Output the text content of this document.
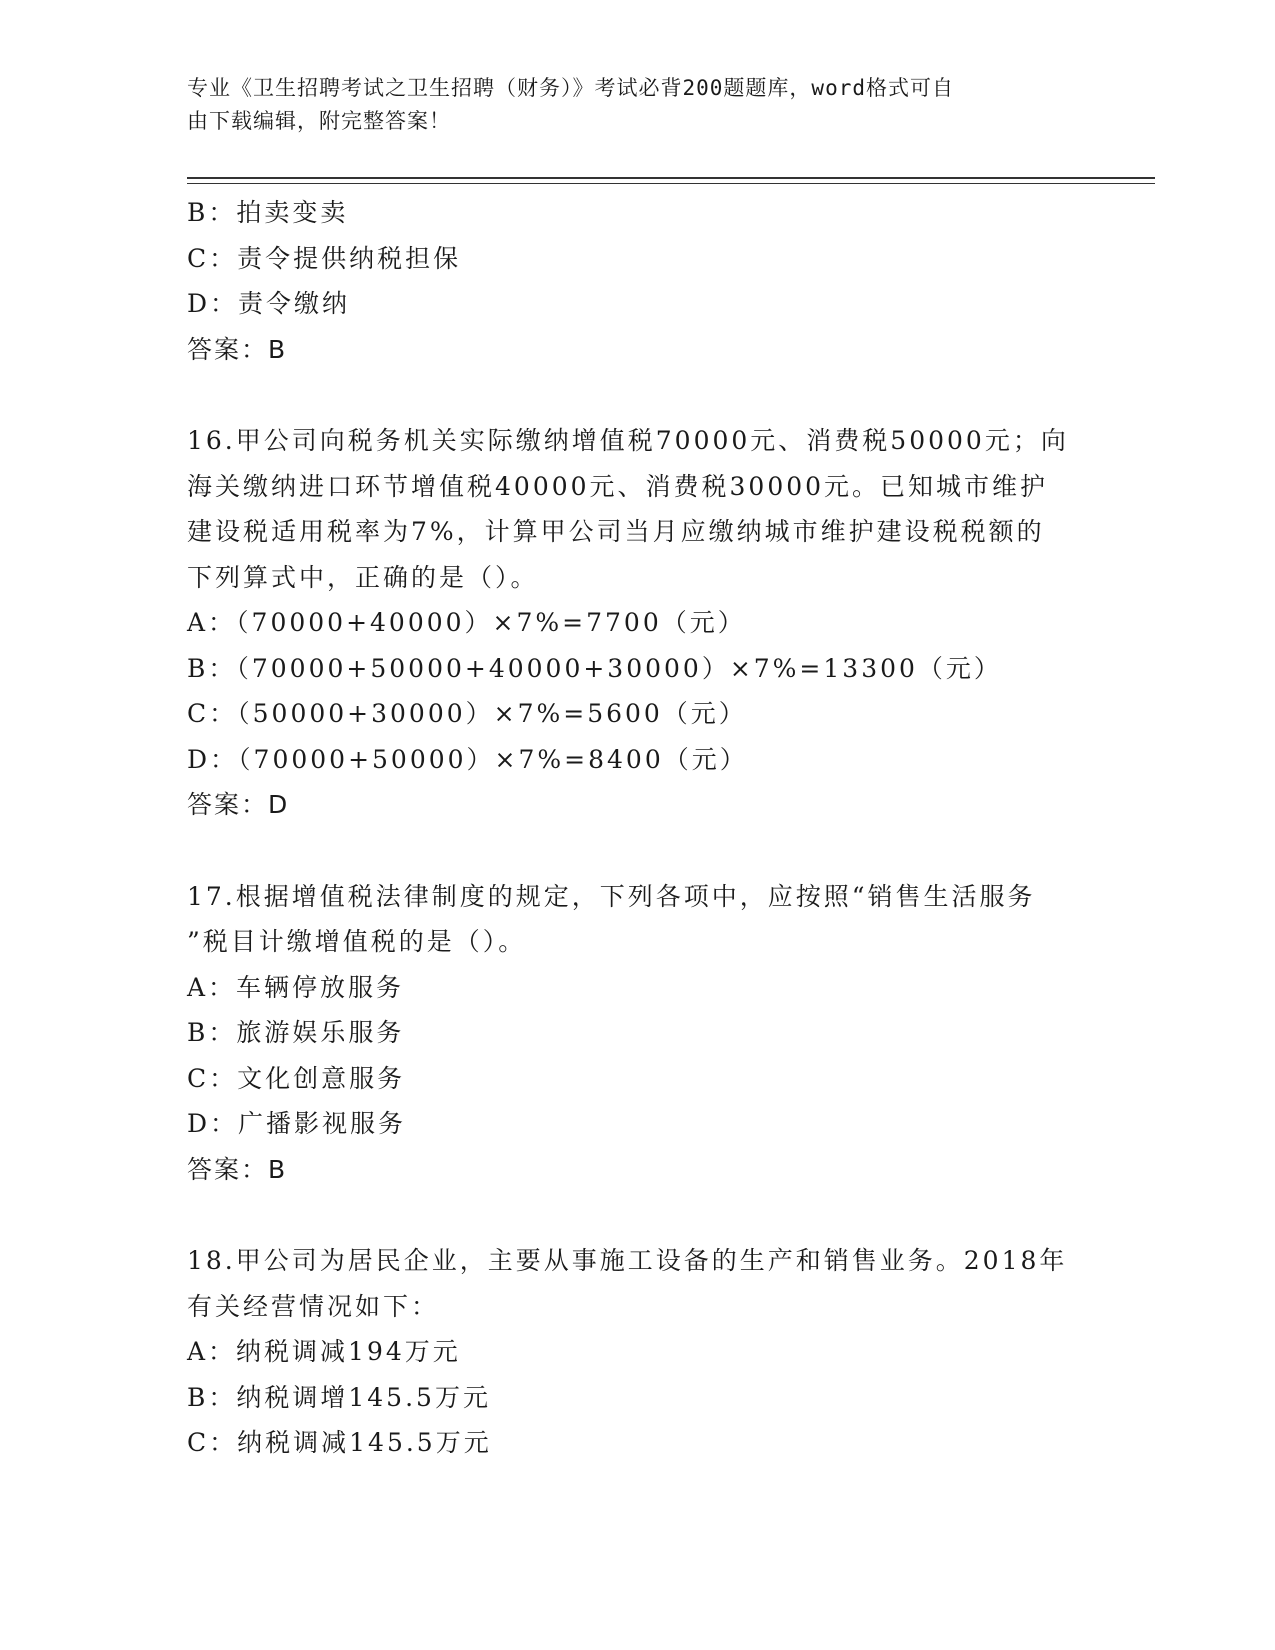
专业《卫生招聘考试之卫生招聘（财务）》考试必背200题题库，word格式可自
由下载编辑，附完整答案！
B：拍卖变卖
C：责令提供纳税担保
D：责令缴纳
答案：B
16.甲公司向税务机关实际缴纳增值税70000元、消费税50000元；向
海关缴纳进口环节增值税40000元、消费税30000元。已知城市维护
建设税适用税率为7%，计算甲公司当月应缴纳城市维护建设税税额的
下列算式中，正确的是（）。
A：（70000+40000）×7%=7700（元）
B：（70000+50000+40000+30000）×7%=13300（元）
C：（50000+30000）×7%=5600（元）
D：（70000+50000）×7%=8400（元）
答案：D
17.根据增值税法律制度的规定，下列各项中，应按照“销售生活服务
”税目计缴增值税的是（）。
A：车辆停放服务
B：旅游娱乐服务
C：文化创意服务
D：广播影视服务
答案：B
18.甲公司为居民企业，主要从事施工设备的生产和销售业务。2018年
有关经营情况如下：
A：纳税调减194万元
B：纳税调增145.5万元
C：纳税调减145.5万元
